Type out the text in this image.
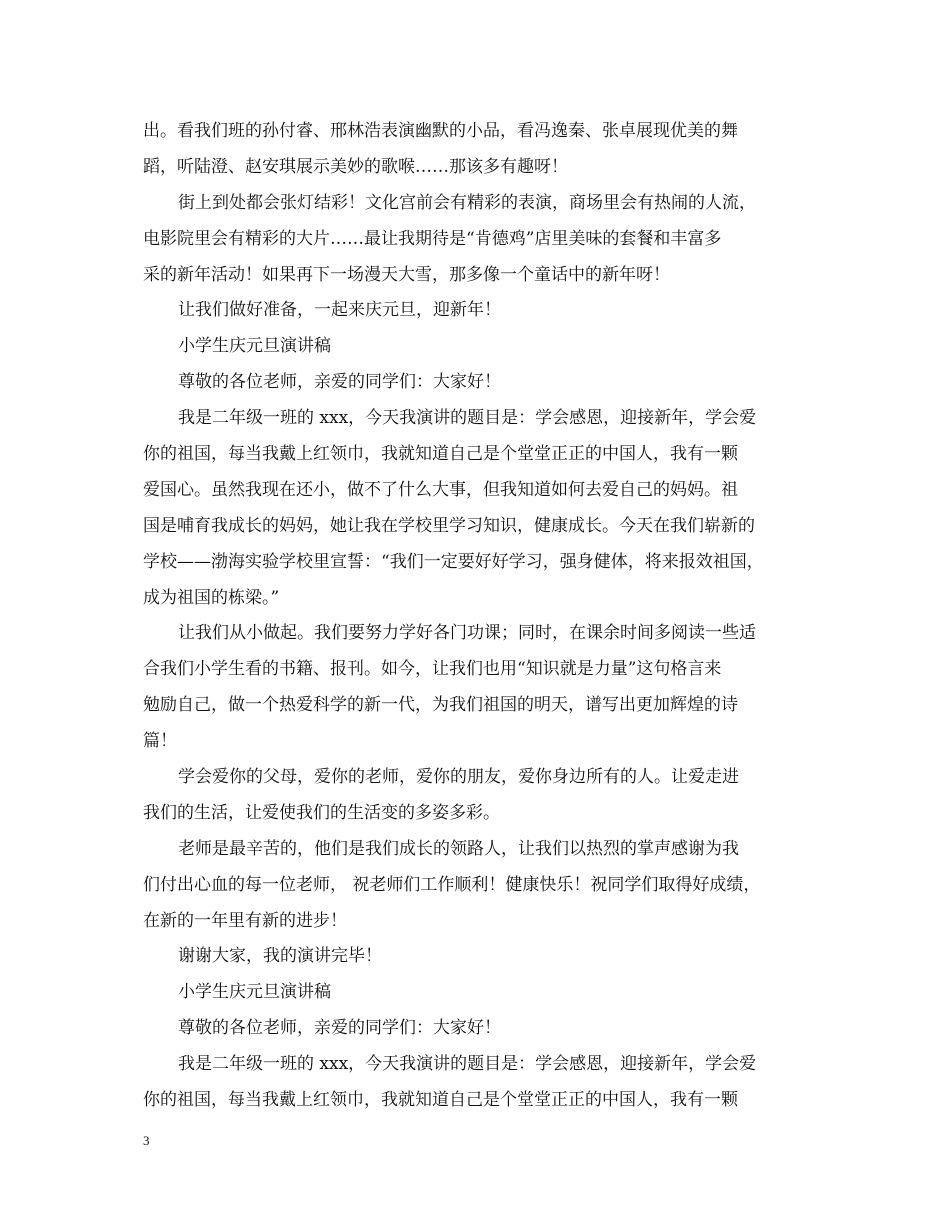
出。看我们班的孙付睿、邢林浩表演幽默的小品，看冯逸秦、张卓展现优美的舞
蹈，听陆澄、赵安琪展示美妙的歌喉……那该多有趣呀！
街上到处都会张灯结彩！文化宫前会有精彩的表演，商场里会有热闹的人流，
电影院里会有精彩的大片……最让我期待是“肯德鸡”店里美味的套餐和丰富多
采的新年活动！如果再下一场漫天大雪，那多像一个童话中的新年呀！
让我们做好准备，一起来庆元旦，迎新年！
小学生庆元旦演讲稿
尊敬的各位老师，亲爱的同学们：大家好！
我是二年级一班的 xxx，今天我演讲的题目是：学会感恩，迎接新年，学会爱
你的祖国，每当我戴上红领巾，我就知道自己是个堂堂正正的中国人，我有一颗
爱国心。虽然我现在还小，做不了什么大事，但我知道如何去爱自己的妈妈。祖
国是哺育我成长的妈妈，她让我在学校里学习知识，健康成长。今天在我们崭新的
学校——渤海实验学校里宣誓：“我们一定要好好学习，强身健体，将来报效祖国，
成为祖国的栋梁。”
让我们从小做起。我们要努力学好各门功课；同时，在课余时间多阅读一些适
合我们小学生看的书籍、报刊。如今，让我们也用“知识就是力量”这句格言来
勉励自己，做一个热爱科学的新一代，为我们祖国的明天，谱写出更加辉煌的诗
篇！
学会爱你的父母，爱你的老师，爱你的朋友，爱你身边所有的人。让爱走进
我们的生活，让爱使我们的生活变的多姿多彩。
老师是最辛苦的，他们是我们成长的领路人，让我们以热烈的掌声感谢为我
们付出心血的每一位老师， 祝老师们工作顺利！健康快乐！祝同学们取得好成绩，
在新的一年里有新的进步！
谢谢大家，我的演讲完毕！
小学生庆元旦演讲稿
尊敬的各位老师，亲爱的同学们：大家好！
我是二年级一班的 xxx，今天我演讲的题目是：学会感恩，迎接新年，学会爱
你的祖国，每当我戴上红领巾，我就知道自己是个堂堂正正的中国人，我有一颗
3
